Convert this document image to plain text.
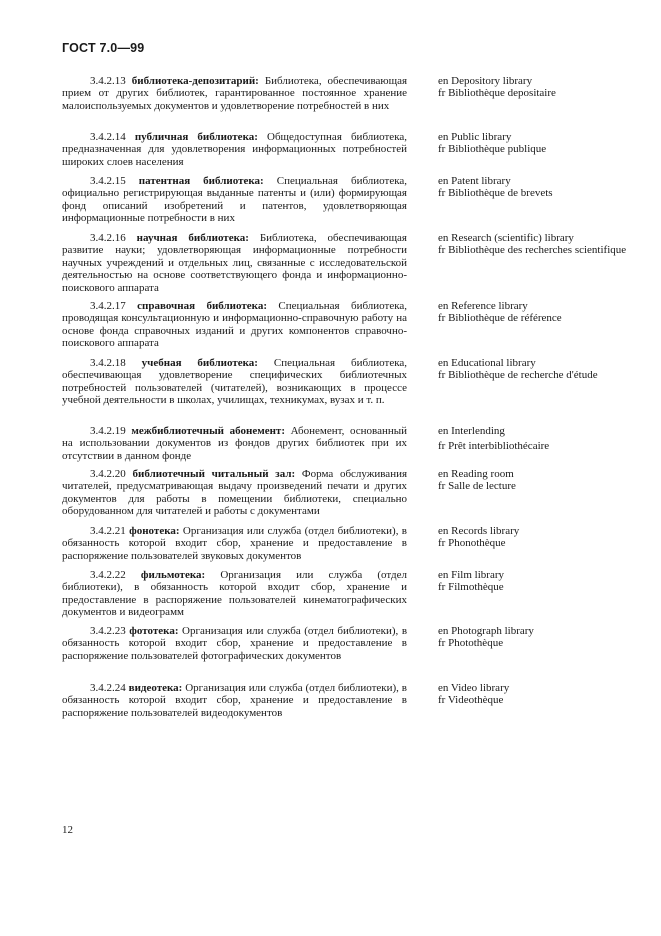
ГОСТ 7.0—99
3.4.2.13 библиотека-депозитарий: Библиотека, обеспечивающая прием от других библиотек, гарантированное постоянное хранение малоиспользуемых документов и удовлетворение потребностей в них
en Depository library
fr Bibliothèque depositaire
3.4.2.14 публичная библиотека: Общедоступная библиотека, предназначенная для удовлетворения информационных потребностей широких слоев населения
en Public library
fr Bibliothèque publique
3.4.2.15 патентная библиотека: Специальная библиотека, официально регистрирующая выданные патенты и (или) формирующая фонд описаний изобретений и патентов, удовлетворяющая информационные потребности в них
en Patent library
fr Bibliothèque de brevets
3.4.2.16 научная библиотека: Библиотека, обеспечивающая развитие науки; удовлетворяющая информационные потребности научных учреждений и отдельных лиц, связанные с исследовательской деятельностью на основе соответствующего фонда и информационно-поискового аппарата
en Research (scientific) library
fr Bibliothèque des recherches scientifique
3.4.2.17 справочная библиотека: Специальная библиотека, проводящая консультационную и информационно-справочную работу на основе фонда справочных изданий и других компонентов справочно-поискового аппарата
en Reference library
fr Bibliothèque de référence
3.4.2.18 учебная библиотека: Специальная библиотека, обеспечивающая удовлетворение специфических библиотечных потребностей пользователей (читателей), возникающих в процессе учебной деятельности в школах, училищах, техникумах, вузах и т. п.
en Educational library
fr Bibliothèque de recherche d'étude
3.4.2.19 межбиблиотечный абонемент: Абонемент, основанный на использовании документов из фондов других библиотек при их отсутствии в данном фонде
en Interlending
fr Prêt interbibliothécaire
3.4.2.20 библиотечный читальный зал: Форма обслуживания читателей, предусматривающая выдачу произведений печати и других документов для работы в помещении библиотеки, специально оборудованном для читателей и работы с документами
en Reading room
fr Salle de lecture
3.4.2.21 фонотека: Организация или служба (отдел библиотеки), в обязанность которой входит сбор, хранение и предоставление в распоряжение пользователей звуковых документов
en Records library
fr Phonothèque
3.4.2.22 фильмотека: Организация или служба (отдел библиотеки), в обязанность которой входит сбор, хранение и предоставление в распоряжение пользователей кинематографических документов и видеограмм
en Film library
fr Filmothèque
3.4.2.23 фототека: Организация или служба (отдел библиотеки), в обязанность которой входит сбор, хранение и предоставление в распоряжение пользователей фотографических документов
en Photograph library
fr Photothèque
3.4.2.24 видеотека: Организация или служба (отдел библиотеки), в обязанность которой входит сбор, хранение и предоставление в распоряжение пользователей видеодокументов
en Video library
fr Videothèque
12
